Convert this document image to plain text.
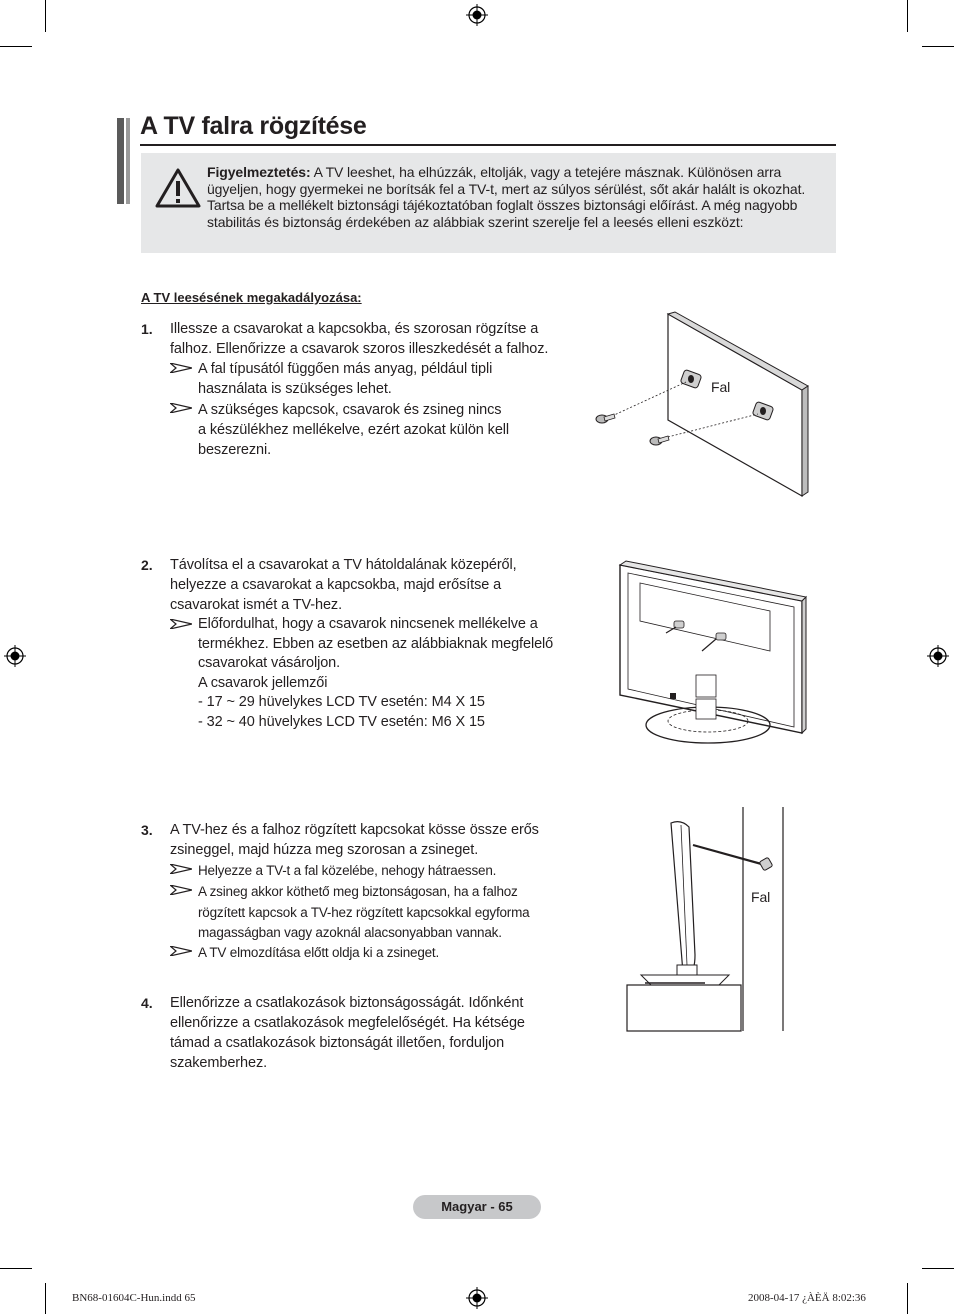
A TV falra rögzítése
Figyelmeztetés: A TV leeshet, ha elhúzzák, eltolják, vagy a tetejére másznak. Különösen arra ügyeljen, hogy gyermekei ne borítsák fel a TV-t, mert az súlyos sérülést, sőt akár halált is okozhat. Tartsa be a mellékelt biztonsági tájékoztatóban foglalt összes biztonsági előírást. A még nagyobb stabilitás és biztonság érdekében az alábbiak szerint szerelje fel a leesés elleni eszközt:
A TV leesésének megakadályozása:
1. Illessze a csavarokat a kapcsokba, és szorosan rögzítse a
falhoz. Ellenőrizze a csavarok szoros illeszkedését a falhoz.
A fal típusától függően más anyag, például tipli
használata is szükséges lehet.
A szükséges kapcsok, csavarok és zsineg nincs
a készülékhez mellékelve, ezért azokat külön kell
beszerezni.
Fal
2. Távolítsa el a csavarokat a TV hátoldalának közepéről,
helyezze a csavarokat a kapcsokba, majd erősítse a
csavarokat ismét a TV-hez.
Előfordulhat, hogy a csavarok nincsenek mellékelve a
termékhez. Ebben az esetben az alábbiaknak megfelelő
csavarokat vásároljon.
A csavarok jellemzői
- 17 ~ 29 hüvelykes LCD TV esetén: M4 X 15
- 32 ~ 40 hüvelykes LCD TV esetén: M6 X 15
3. A TV-hez és a falhoz rögzített kapcsokat kösse össze erős
zsineggel, majd húzza meg szorosan a zsineget.
Helyezze a TV-t a fal közelébe, nehogy hátraessen.
A zsineg akkor köthető meg biztonságosan, ha a falhoz
rögzített kapcsok a TV-hez rögzített kapcsokkal egyforma
magasságban vagy azoknál alacsonyabban vannak.
A TV elmozdítása előtt oldja ki a zsineget.
Fal
4. Ellenőrizze a csatlakozások biztonságosságát. Időnként
ellenőrizze a csatlakozások megfelelőségét. Ha kétsége
támad a csatlakozások biztonságát illetően, forduljon
szakemberhez.
Magyar - 65
BN68-01604C-Hun.indd 65	2008-04-17 ¿ÀÈÄ 8:02:36
